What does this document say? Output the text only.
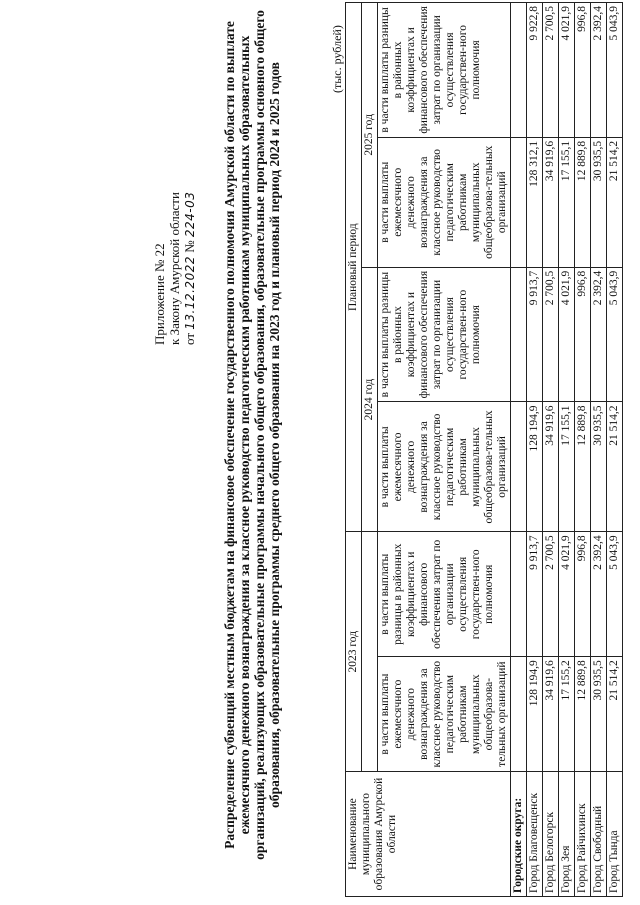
Приложение № 22 к Закону Амурской области от 13.12.2022 № 224-03 Распределение субвенций местным бюджетам на финансовое обеспечение государственного полномочия Амурской области по выплате ежемесячного денежного вознаграждения за классное руководство педагогическим работникам муниципальных образовательных организаций, реализующих образовательные программы начального общего образования, образовательные программы основного общего образования, образовательные программы среднего общего образования на 2023 год и плановый период 2024 и 2025 годов
(тыс. рублей)
Наименование муниципального образования Амурской области	2023 год		Плановый период			
			2024 год		2025 год	
	в части выплаты ежемесячного денежного вознаграждения за классное руководство педагогическим работникам муниципальных общеобразова-тельных организаций	в части выплаты разницы в районных коэффициентах и финансового обеспечения затрат по организации осуществления государствен-ного полномочия	в части выплаты ежемесячного денежного вознаграждения за классное руководство педагогическим работникам муниципальных общеобразова-тельных организаций	в части выплаты разницы в районных коэффициентах и финансового обеспечения затрат по организации осуществления государствен-ного полномочия	в части выплаты ежемесячного денежного вознаграждения за классное руководство педагогическим работникам муниципальных общеобразова-тельных организаций	в части выплаты разницы в районных коэффициентах и финансового обеспечения затрат по организации осуществления государствен-ного полномочия
Городские округа:						
Город Благовещенск	128 194,9	9 913,7	128 194,9	9 913,7	128 312,1	9 922,8
Город Белогорск	34 919,6	2 700,5	34 919,6	2 700,5	34 919,6	2 700,5
Город Зея	17 155,2	4 021,9	17 155,1	4 021,9	17 155,1	4 021,9
Город Райчихинск	12 889,8	996,8	12 889,8	996,8	12 889,8	996,8
Город Свободный	30 935,5	2 392,4	30 935,5	2 392,4	30 935,5	2 392,4
Город Тында	21 514,2	5 043,9	21 514,2	5 043,9	21 514,2	5 043,9
